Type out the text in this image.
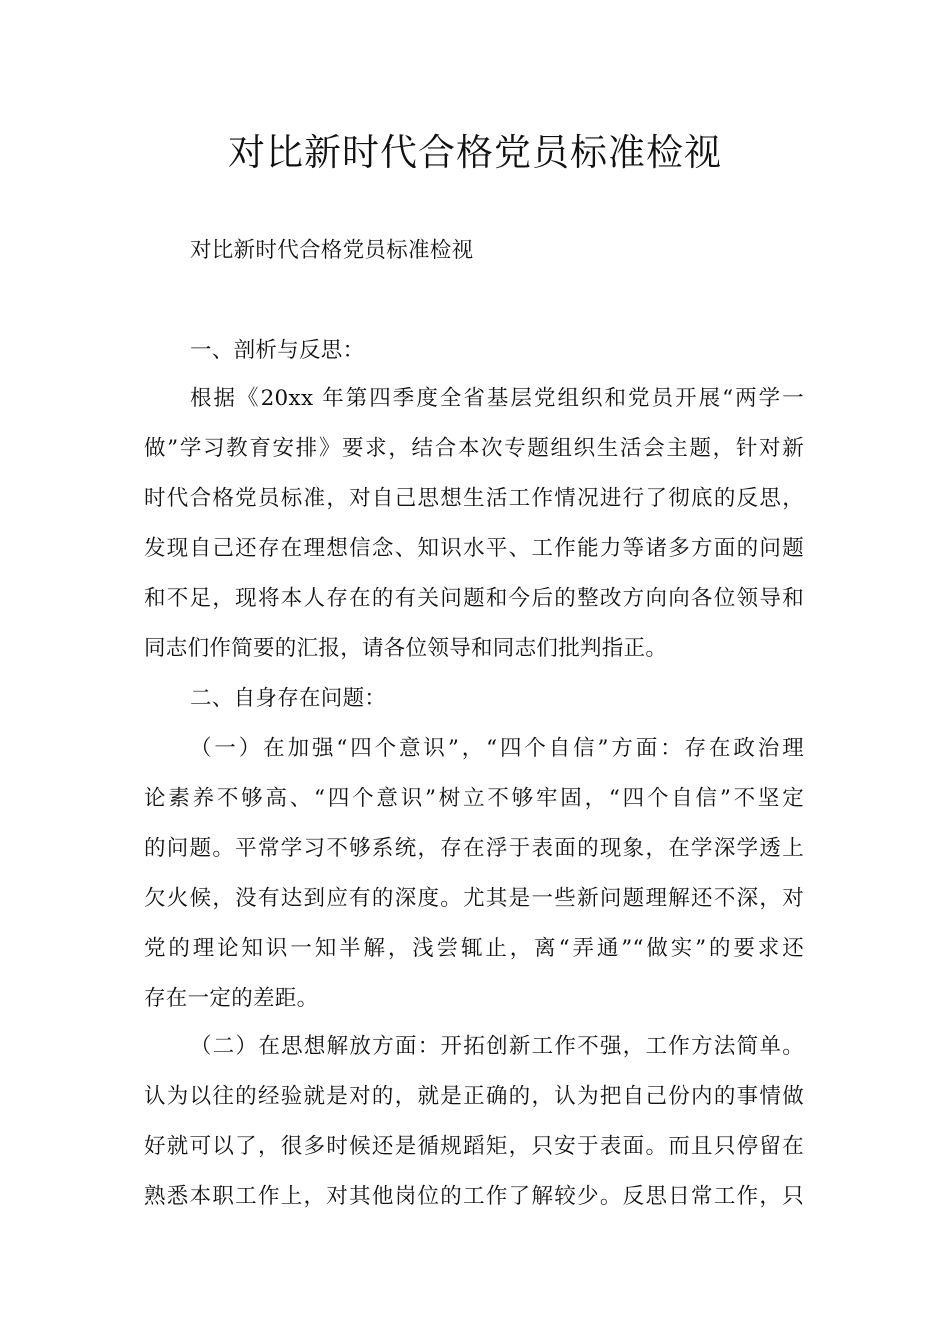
对比新时代合格党员标准检视
对比新时代合格党员标准检视
一、剖析与反思：
根据《20xx 年第四季度全省基层党组织和党员开展“两学一
做”学习教育安排》要求，结合本次专题组织生活会主题，针对新
时代合格党员标准，对自己思想生活工作情况进行了彻底的反思，
发现自己还存在理想信念、知识水平、工作能力等诸多方面的问题
和不足，现将本人存在的有关问题和今后的整改方向向各位领导和
同志们作简要的汇报，请各位领导和同志们批判指正。
二、自身存在问题：
（一）在加强“四个意识”，“四个自信”方面：存在政治理
论素养不够高、“四个意识”树立不够牢固，“四个自信”不坚定
的问题。平常学习不够系统，存在浮于表面的现象，在学深学透上
欠火候，没有达到应有的深度。尤其是一些新问题理解还不深，对
党的理论知识一知半解，浅尝辄止，离“弄通”“做实”的要求还
存在一定的差距。
（二）在思想解放方面：开拓创新工作不强，工作方法简单。
认为以往的经验就是对的，就是正确的，认为把自己份内的事情做
好就可以了，很多时候还是循规蹈矩，只安于表面。而且只停留在
熟悉本职工作上，对其他岗位的工作了解较少。反思日常工作，只
